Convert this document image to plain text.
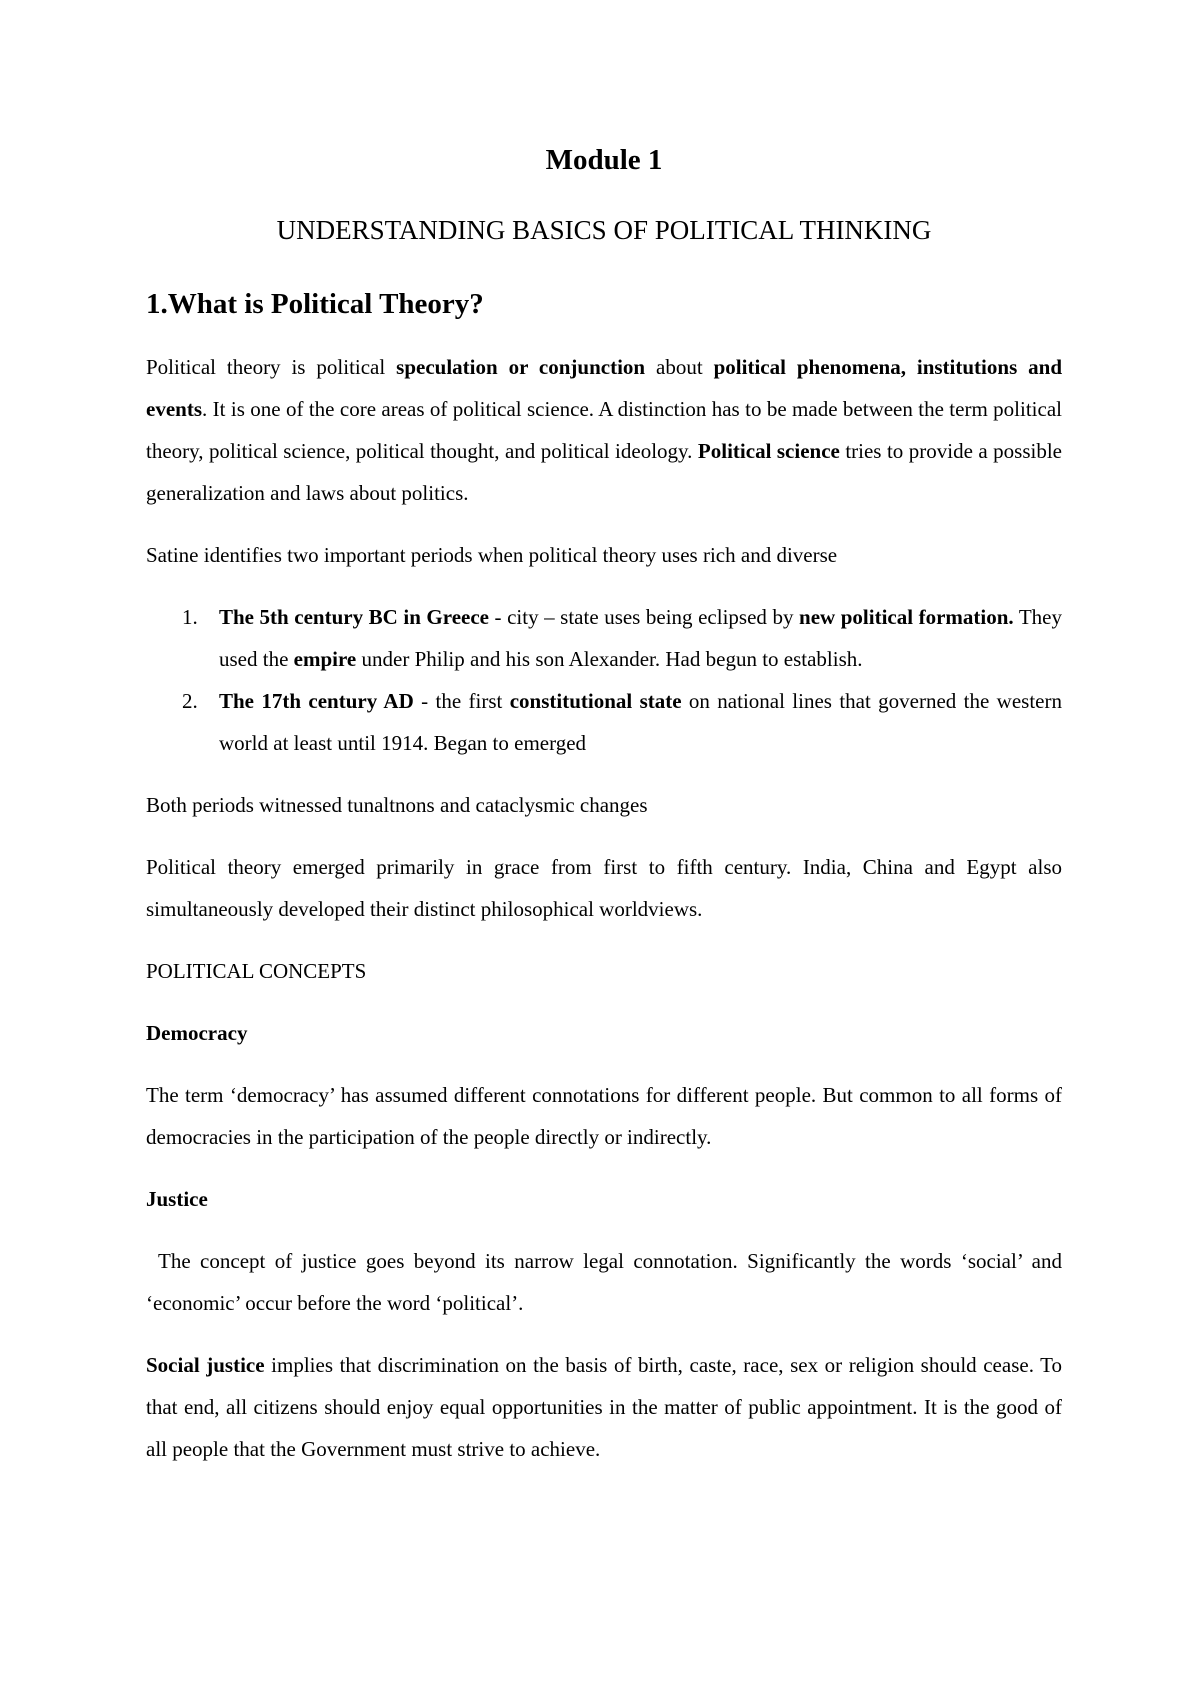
Module 1
UNDERSTANDING BASICS OF POLITICAL THINKING
1.What is Political Theory?

Political theory is political speculation or conjunction about political phenomena, institutions and events. It is one of the core areas of political science. A distinction has to be made between the term political theory, political science, political thought, and political ideology. Political science tries to provide a possible generalization and laws about politics.

Satine identifies two important periods when political theory uses rich and diverse

1. The 5th century BC in Greece - city – state uses being eclipsed by new political formation. They used the empire under Philip and his son Alexander. Had begun to establish.
2. The 17th century AD - the first constitutional state on national lines that governed the western world at least until 1914. Began to emerged

Both periods witnessed tunaltnons and cataclysmic changes

Political theory emerged primarily in grace from first to fifth century. India, China and Egypt also simultaneously developed their distinct philosophical worldviews.

POLITICAL CONCEPTS

Democracy

The term ‘democracy’ has assumed different connotations for different people. But common to all forms of democracies in the participation of the people directly or indirectly.

Justice

The concept of justice goes beyond its narrow legal connotation. Significantly the words ‘social’ and ‘economic’ occur before the word ‘political’.

Social justice implies that discrimination on the basis of birth, caste, race, sex or religion should cease. To that end, all citizens should enjoy equal opportunities in the matter of public appointment. It is the good of all people that the Government must strive to achieve.
